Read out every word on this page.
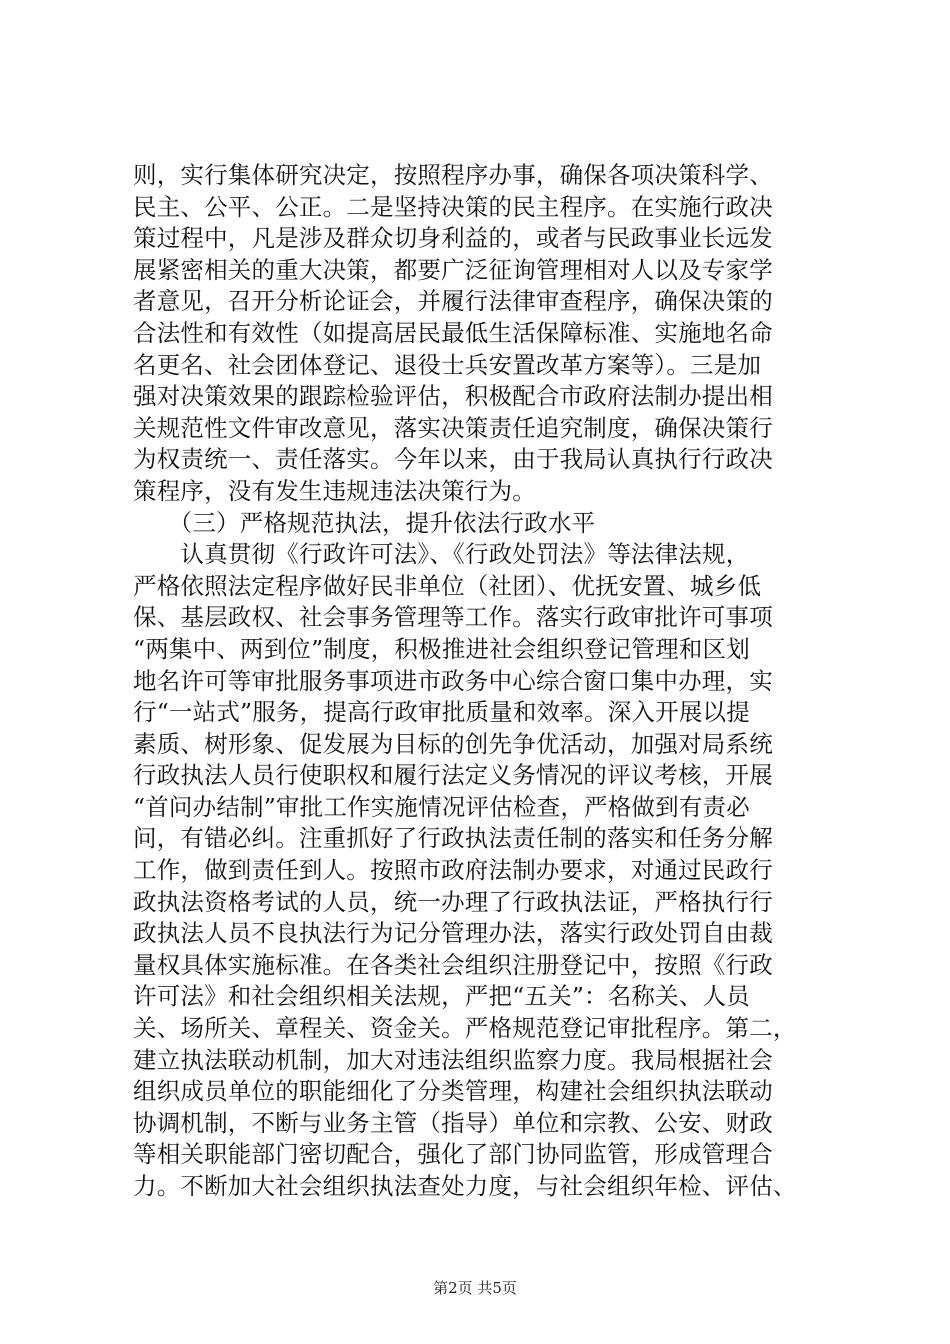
则，实行集体研究决定，按照程序办事，确保各项决策科学、
民主、公平、公正。二是坚持决策的民主程序。在实施行政决
策过程中，凡是涉及群众切身利益的，或者与民政事业长远发
展紧密相关的重大决策，都要广泛征询管理相对人以及专家学
者意见，召开分析论证会，并履行法律审查程序，确保决策的
合法性和有效性（如提高居民最低生活保障标准、实施地名命
名更名、社会团体登记、退役士兵安置改革方案等）。三是加
强对决策效果的跟踪检验评估，积极配合市政府法制办提出相
关规范性文件审改意见，落实决策责任追究制度，确保决策行
为权责统一、责任落实。今年以来，由于我局认真执行行政决
策程序，没有发生违规违法决策行为。
　　（三）严格规范执法，提升依法行政水平
　　认真贯彻《行政许可法》、《行政处罚法》等法律法规，
严格依照法定程序做好民非单位（社团）、优抚安置、城乡低
保、基层政权、社会事务管理等工作。落实行政审批许可事项
“两集中、两到位”制度，积极推进社会组织登记管理和区划
地名许可等审批服务事项进市政务中心综合窗口集中办理，实
行“一站式”服务，提高行政审批质量和效率。深入开展以提
素质、树形象、促发展为目标的创先争优活动，加强对局系统
行政执法人员行使职权和履行法定义务情况的评议考核，开展
“首问办结制”审批工作实施情况评估检查，严格做到有责必
问，有错必纠。注重抓好了行政执法责任制的落实和任务分解
工作，做到责任到人。按照市政府法制办要求，对通过民政行
政执法资格考试的人员，统一办理了行政执法证，严格执行行
政执法人员不良执法行为记分管理办法，落实行政处罚自由裁
量权具体实施标准。在各类社会组织注册登记中，按照《行政
许可法》和社会组织相关法规，严把“五关”：名称关、人员
关、场所关、章程关、资金关。严格规范登记审批程序。第二，
建立执法联动机制，加大对违法组织监察力度。我局根据社会
组织成员单位的职能细化了分类管理，构建社会组织执法联动
协调机制，不断与业务主管（指导）单位和宗教、公安、财政
等相关职能部门密切配合，强化了部门协同监管，形成管理合
力。不断加大社会组织执法查处力度，与社会组织年检、评估、
第2页 共5页
